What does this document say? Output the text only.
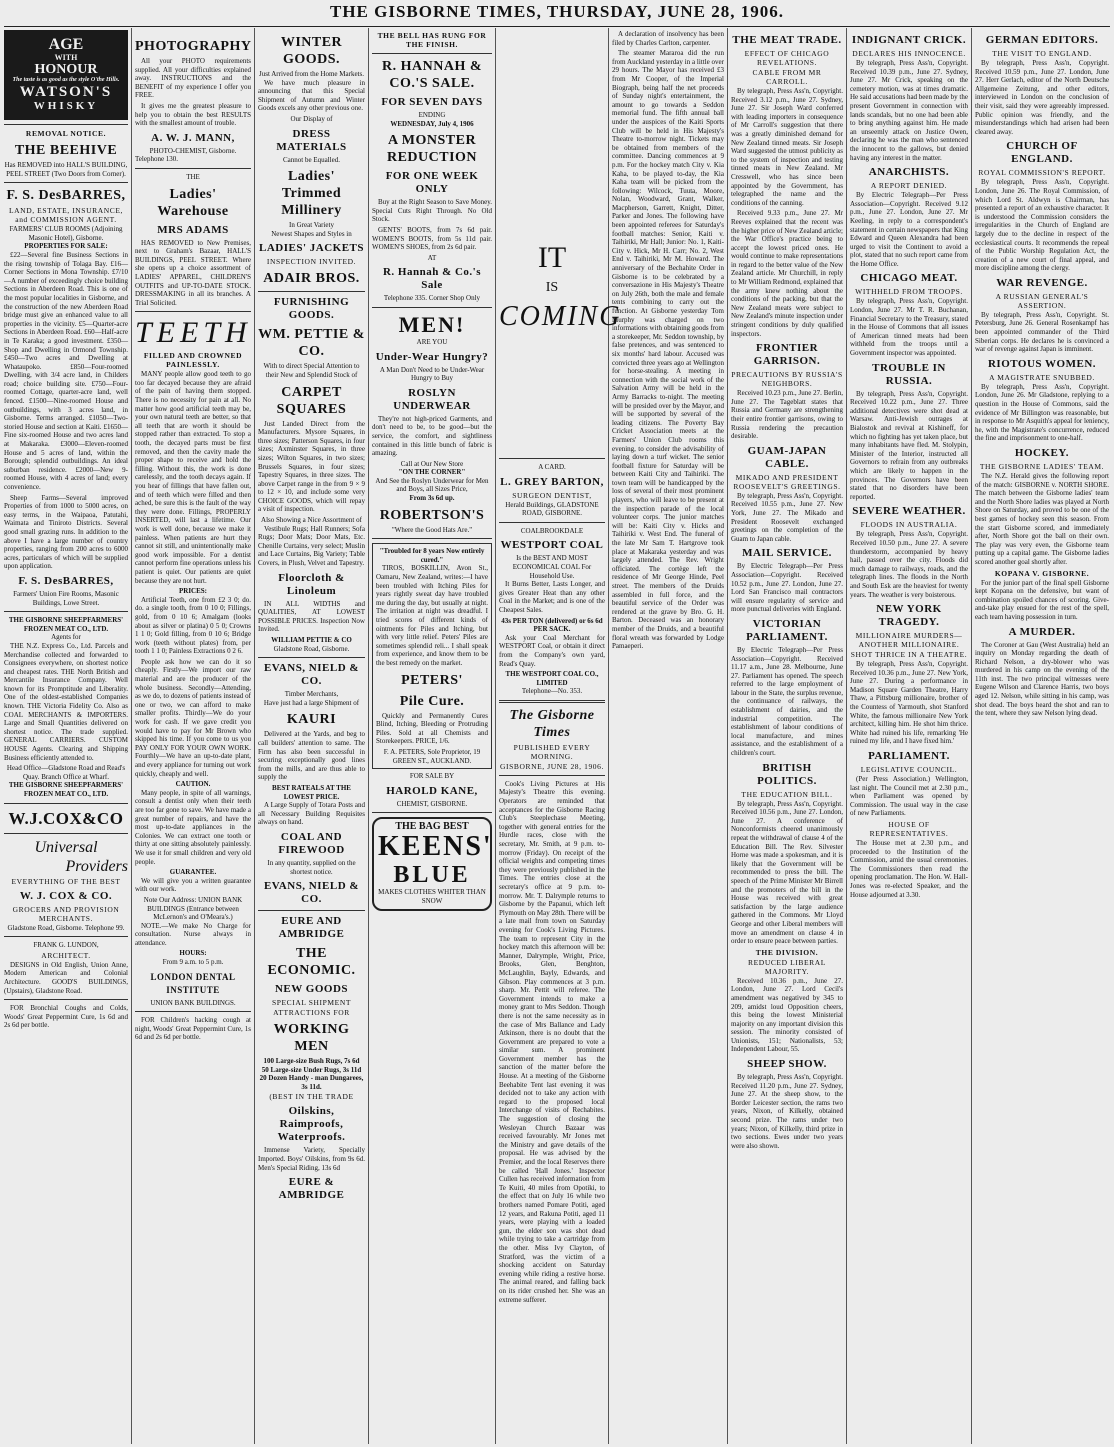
THE GISBORNE TIMES, THURSDAY, JUNE 28, 1906.
AGE
WITH
HONOUR
The taste is as good as the style O'the Hills.
WATSON'S
WHISKY
REMOVAL NOTICE.
THE BEEHIVE
Has REMOVED into HALL'S BUILDING, PEEL STREET (Two Doors from Corner).
F. S. DesBARRES,
LAND, ESTATE, INSURANCE, and COMMISSION AGENT.
FARMERS' CLUB ROOMS (Adjoining Masonic Hotel), Gisborne.
PROPERTIES FOR SALE:

£22—Several fine Business Sections in the rising township of Tolaga Bay. £16—Corner Sections in Mona Township. £7/10—A number of exceedingly choice building Sections in Aberdeen Road. This is one of the most popular localities in Gisborne, and the construction of the new Aberdeen Road bridge must give an enhanced value to all properties in the vicinity. £5—Quarter-acre Sections in Aberdeen Road. £60—Half-acre in Te Karaka; a good investment. £350—Shop and Dwelling in Ormond Township. £450—Two acres and Dwelling at Whataupoko. £850—Four-roomed Dwelling, with 3/4 acre land, in Childers road; choice building site. £750—Four-roomed Cottage, quarter-acre land, well fenced. £1500—Nine-roomed House and outbuildings, with 3 acres land, in Gisborne. Terms arranged. £1050—Two-storied House and section at Kaiti. £1650—Fine six-roomed House and two acres land at Makaraka. £3000—Eleven-roomed House and 5 acres of land, within the Borough; splendid outbuildings. An ideal suburban residence. £2000—New 9-roomed House, with 4 acres of land; every convenience.

Sheep Farms—Several improved Properties of from 1000 to 5000 acres, on easy terms, in the Waipaoa, Patutahi, Waimata and Tiniroto Districts. Several good small grazing runs. In addition to the above I have a large number of country properties, ranging from 200 acres to 6000 acres, particulars of which will be supplied upon application.

F. S. DesBARRES,
Farmers' Union Fire Rooms, Masonic Buildings, Lowe Street.
THE GISBORNE SHEEPFARMERS' FROZEN MEAT CO., LTD.
Agents for

THE N.Z. Express Co., Ltd. Parcels and Merchandise collected and forwarded to Consignees everywhere, on shortest notice and cheapest rates. THE North British and Mercantile Insurance Company. Well known for its Promptitude and Liberality. One of the oldest-established Companies known. THE Victoria Fidelity Co. Also as COAL MERCHANTS & IMPORTERS. Large and Small Quantities delivered on shortest notice. The trade supplied. GENERAL CARRIERS. CUSTOM HOUSE Agents. Clearing and Shipping Business efficiently attended to.

Head Office—Gladstone Road and Read's Quay. Branch Office at Wharf.
THE GISBORNE SHEEPFARMERS' FROZEN MEAT CO., LTD.
W.J.COX&CO
Universal
Providers
EVERYTHING OF THE BEST
W. J. COX & CO.
GROCERS AND PROVISION MERCHANTS.
Gladstone Road, Gisborne. Telephone 99.
FRANK G. LUNDON,
ARCHITECT.

DESIGNS in Old English, Union Anne, Modern American and Colonial Architecture. GOOD'S BUILDINGS, (Upstairs), Gladstone Road.

FOR Bronchial Coughs and Colds, Woods' Great Peppermint Cure, 1s 6d and 2s 6d per bottle.

PHOTOGRAPHY

All your PHOTO requirements supplied. All your difficulties explained away. INSTRUCTIONS and the BENEFIT of my experience I offer you FREE.

It gives me the greatest pleasure to help you to obtain the best RESULTS with the smallest amount of trouble.

A. W. J. MANN,
PHOTO-CHEMIST, Gisborne.
Telephone 130.
THE
Ladies' Warehouse
MRS ADAMS

HAS REMOVED to New Premises, next to Graham's Bazaar, HALL'S BUILDINGS, PEEL STREET. Where she opens up a choice assortment of LADIES' APPAREL, CHILDREN'S OUTFITS and UP-TO-DATE STOCK. DRESSMAKING in all its branches. A Trial Solicited.

TEETH
FILLED AND CROWNED PAINLESSLY.

MANY people allow good teeth to go too far decayed because they are afraid of the pain of having them stopped. There is no necessity for pain at all. No matter how good artificial teeth may be, your own natural teeth are better, so that all teeth that are worth it should be stopped rather than extracted. To stop a tooth, the decayed parts must be first removed, and then the cavity made the proper shape to receive and hold the filling. Without this, the work is done carelessly, and the tooth decays again. If you hear of fillings that have fallen out, and of teeth which were filled and then ached, be sure this is the fault of the way they were done. Fillings, PROPERLY INSERTED, will last a lifetime. Our work is well done, because we make it painless. When patients are hurt they cannot sit still, and unintentionally make good work impossible. For a dentist cannot perform fine operations unless his patient is quiet. Our patients are quiet because they are not hurt.

PRICES:

Artificial Teeth, one from £2 3 0; do. do. a single tooth, from 0 10 0; Fillings, gold, from 0 10 6; Amalgam (looks about as silver or platina) 0 5 0; Crowns 1 1 0; Gold filling, from 0 10 6; Bridge work (teeth without plates) from, per tooth 1 1 0; Painless Extractions 0 2 6.

People ask how we can do it so cheaply. Firstly—We import our raw material and are the producer of the whole business. Secondly—Attending, as we do, to dozens of patients instead of one or two, we can afford to make smaller profits. Thirdly—We do your work for cash. If we gave credit you would have to pay for Mr Brown who skipped his time. If you come to us you PAY ONLY FOR YOUR OWN WORK. Fourthly—We have an up-to-date plant, and every appliance for turning out work quickly, cheaply and well.

CAUTION.

Many people, in spite of all warnings, consult a dentist only when their teeth are too far gone to save. We have made a great number of repairs, and have the most up-to-date appliances in the Colonies. We can extract one tooth or thirty at one sitting absolutely painlessly. We use it for small children and very old people.

GUARANTEE.

We will give you a written guarantee with our work.

Note Our Address: UNION BANK BUILDINGS (Entrance between McLernon's and O'Meara's.)

NOTE.—We make No Charge for consultation. Nurse always in attendance.

HOURS:
From 9 a.m. to 5 p.m.
LONDON DENTAL INSTITUTE
UNION BANK BUILDINGS.

FOR Children's hacking cough at night, Woods' Great Peppermint Cure, 1s 6d and 2s 6d per bottle.

WINTER GOODS.
Just Arrived from the Home Markets.

We have much pleasure in announcing that this Special Shipment of Autumn and Winter Goods excels any other previous one.

Our Display of
DRESS MATERIALS
Cannot be Equalled.
Ladies' Trimmed Millinery
In Great Variety
Newest Shapes and Styles in
LADIES' JACKETS
INSPECTION INVITED.
ADAIR BROS.
FURNISHING GOODS.
WM. PETTIE & CO.
With to direct Special Attention to their New and Splendid Stock of
CARPET SQUARES

Just Landed Direct from the Manufacturers. Mysore Squares, in three sizes; Patterson Squares, in four sizes; Axminster Squares, in three sizes; Wilton Squares, in two sizes; Brussels Squares, in four sizes; Tapestry Squares, in three sizes. The above Carpet range in the from 9 × 9 to 12 × 10, and include some very CHOICE GOODS, which will repay a visit of inspection.

Also Showing a Nice Assortment of

Vestibule Rugs; Hall Runners; Sofa Rugs; Door Mats; Door Mats, Etc. Chenille Curtains, very select; Muslin and Lace Curtains, Big Variety; Table Covers, in Plush, Velvet and Tapestry.

Floorcloth & Linoleum

IN ALL WIDTHS and QUALITIES, AT LOWEST POSSIBLE PRICES. Inspection Now Invited.

WILLIAM PETTIE & CO
Gladstone Road, Gisborne.
EVANS, NIELD & CO.
Timber Merchants,
Have just had a large Shipment of
KAURI

Delivered at the Yards, and beg to call builders' attention to same. The Firm has also been successful in securing exceptionally good lines from the mills, and are thus able to supply the

BEST RATEALS AT THE LOWEST PRICE.

A Large Supply of Totara Posts and all Necessary Building Requisites always on hand.

COAL AND FIREWOOD
In any quantity, supplied on the shortest notice.
EVANS, NIELD & CO.
EURE AND AMBRIDGE
THE ECONOMIC.
NEW GOODS
SPECIAL SHIPMENT
ATTRACTIONS FOR
WORKING MEN
100 Large-size Bush Rugs, 7s 6d
50 Large-size Under Rugs, 3s 11d
20 Dozen Handy - man Dungarees, 3s 11d.
(BEST IN THE TRADE
Oilskins, Raimproofs, Waterproofs.

Immense Variety, Specially Imported. Boys' Oilskins, from 9s 6d. Men's Special Riding, 13s 6d

EURE & AMBRIDGE
THE BELL HAS RUNG FOR THE FINISH.
R. HANNAH & CO.'S SALE.
FOR SEVEN DAYS
ENDING
WEDNESDAY, July 4, 1906
A MONSTER REDUCTION
FOR ONE WEEK ONLY

Buy at the Right Season to Save Money. Special Cuts Right Through. No Old Stock.

GENTS' BOOTS, from 7s 6d pair. WOMEN'S BOOTS, from 5s 11d pair. WOMEN'S SHOES, from 2s 6d pair.

AT
R. Hannah & Co.'s Sale
Telephone 335. Corner Shop Only
MEN!
ARE YOU
Under-Wear Hungry?
A Man Don't Need to be Under-Wear Hungry to Buy
ROSLYN UNDERWEAR

They're not high-priced Garments, and don't need to be, to be good—but the service, the comfort, and sightliness contained in this little bunch of fabric is amazing.

Call at Our New Store
"ON THE CORNER"
And See the Roslyn Underwear for Men and Boys, all Sizes Price,
From 3s 6d up.
ROBERTSON'S
"Where the Good Hats Are."
"Troubled for 8 years Now entirely cured."

TIROS, BOSKILLIN, Avon St., Oamaru, New Zealand, writes:—I have been troubled with Itching Piles for years rightly sweat day have troubled me during the day, but usually at night. The irritation at night was dreadful. I tried scores of different kinds of ointments for Piles and Itching, but with very little relief. Peters' Piles are sometimes splendid reli... I shall speak from experience, and know them to be the best remedy on the market.

PETERS'
Pile Cure.

Quickly and Permanently Cures Blind, Itching, Bleeding or Protruding Piles. Sold at all Chemists and Storekeepers. PRICE, 1/6.

F. A. PETERS, Sole Proprietor, 19 GREEN ST., AUCKLAND.
FOR SALE BY
HAROLD KANE,
CHEMIST, GISBORNE.
THE BAG BEST
KEENS'
BLUE
MAKES CLOTHES WHITER THAN SNOW
IT
IS
COMING
A CARD.
L. GREY BARTON,
SURGEON DENTIST,
Herald Buildings, GLADSTONE ROAD, GISBORNE.
COALBROOKDALE
WESTPORT COAL
Is the BEST AND MOST ECONOMICAL COAL For Household Use.

It Burns Better, Lasts Longer, and gives Greater Heat than any other Coal in the Market; and is one of the Cheapest Sales.

43s PER TON (delivered) or 6s 6d PER SACK.

Ask your Coal Merchant for WESTPORT Coal, or obtain it direct from the Company's own yard, Read's Quay.

THE WESTPORT COAL CO., LIMITED
Telephone—No. 353.
The Gisborne Times
PUBLISHED EVERY MORNING.
GISBORNE, JUNE 28, 1906.

Cook's Living Pictures at His Majesty's Theatre this evening. Operators are reminded that acceptances for the Gisborne Racing Club's Steeplechase Meeting, together with general entries for the Hurdle races, close with the secretary, Mr. Smith, at 9 p.m. to-morrow (Friday). On receipt of the official weights and competing times they were previously published in the Times. The entries close at the secretary's office at 9 p.m. to-morrow. Mr. T. Dalrymple returns to Gisborne by the Papanui, which left Plymouth on May 28th. There will be a late mail from town on Saturday evening for Cook's Living Pictures. The team to represent City in the hockey match this afternoon will be: Manner, Dalrymple, Wright, Price, Brooks, Glen, Benghton, McLaughlin, Bayly, Edwards, and Gibson. Play commences at 3 p.m. sharp. Mr. Pettit will referee. The Government intends to make a money grant to Mrs Seddon. Though there is not the same necessity as in the case of Mrs Ballance and Lady Atkinson, there is no doubt that the Government are prepared to vote a similar sum. A prominent Government member has the sanction of the matter before the House. At a meeting of the Gisborne Beehabite Tent last evening it was decided not to take any action with regard to the proposed local Interchange of visits of Rechabites. The suggestion of closing the Wesleyan Church Bazaar was received favourably. Mr Jones met the Ministry and gave details of the proposal. He was advised by the Premier, and the local Reserves there be called 'Hall Jones.' Inspector Cullen has received information from Te Kuiti, 40 miles from Opotiki, to the effect that on July 16 while two brothers named Pomare Potiti, aged 12 years, and Rakuna Potiti, aged 11 years, were playing with a loaded gun, the elder son was shot dead while trying to take a cartridge from the other. Miss Ivy Clayton, of Stratford, was the victim of a shocking accident on Saturday evening while riding a restive horse. The animal reared, and falling back on its rider crushed her. She was an extreme sufferer.

A declaration of insolvency has been filed by Charles Carlton, carpenter.

The steamer Mararoa did the run from Auckland yesterday in a little over 29 hours. The Mayor has received £3 from Mr Cooper, of the Imperial Biograph, being half the net proceeds of Sunday night's entertainment, the amount to go towards a Seddon memorial fund. The fifth annual ball under the auspices of the Kaiti Sports Club will be held in His Majesty's Theatre to-morrow night. Tickets may be obtained from members of the committee. Dancing commences at 9 p.m. For the hockey match City v. Kia Kaha, to be played to-day, the Kia Kaha team will be picked from the following: Wilcock, Tuuta, Moore, Nolan, Woodward, Grant, Walker, Macpherson, Garrett, Knight, Ditter, Parker and Jones. The following have been appointed referees for Saturday's football matches: Senior, Kaiti v. Taihiriki, Mr Hall; Junior: No. 1, Kaiti-City v. Hick, Mr H. Carr; No. 2, West End v. Taihiriki, Mr M. Howard. The anniversary of the Bechahite Order in Gisborne is to be celebrated by a conversazione in His Majesty's Theatre on July 26th, both the male and female tents combining to carry out the function. At Gisborne yesterday Tom Murphy was charged on two informations with obtaining goods from a storekeeper, Mr. Seddon township, by false pretences, and was sentenced to six months' hard labour. Accused was convicted three years ago at Wellington for horse-stealing. A meeting in connection with the social work of the Salvation Army will be held in the Army Barracks to-night. The meeting will be presided over by the Mayor, and will be supported by several of the leading citizens. The Poverty Bay Cricket Association meets at the Farmers' Union Club rooms this evening, to consider the advisability of laying down a turf wicket. The senior football fixture for Saturday will be between Kaiti City and Taihiriki. The town team will be handicapped by the loss of several of their most prominent players, who will leave to be present at the inspection parade of the local volunteer corps. The junior matches will be: Kaiti City v. Hicks and Taihiriki v. West End. The funeral of the late Mr Sam T. Hartgrove took place at Makaraka yesterday and was largely attended. The Rev. Wright officiated. The cortège left the residence of Mr George Hinde, Peel street. The members of the Druids assembled in full force, and the beautiful service of the Order was rendered at the grave by Bro. G. H. Barton. Deceased was an honorary member of the Druids, and a beautiful floral wreath was forwarded by Lodge Pamaeperi.

THE MEAT TRADE.
EFFECT OF CHICAGO REVELATIONS.
CABLE FROM MR CARROLL.

By telegraph, Press Ass'n, Copyright. Received 3.12 p.m., June 27. Sydney, June 27. Sir Joseph Ward conferred with leading importers in consequence of Mr Carroll's suggestion that there was a greatly diminished demand for New Zealand tinned meats. Sir Joseph Ward suggested the utmost publicity as to the system of inspection and testing tinned meats in New Zealand. Mr Cresswell, who has since been appointed by the Government, has telegraphed the name and the conditions of the canning.

Received 9.33 p.m., June 27. Mr Reeves explained that the recent was the higher price of New Zealand article; the War Office's practice being to accept the lowest priced ones. He would continue to make representations in regard to the better value of the New Zealand article. Mr Churchill, in reply to Mr William Redmond, explained that the army knew nothing about the conditions of the packing, but that the New Zealand meats were subject to New Zealand's minute inspection under stringent conditions by duly qualified inspectors.

FRONTIER GARRISON.
PRECAUTIONS BY RUSSIA'S NEIGHBORS.

Received 10.23 p.m., June 27. Berlin, June 27. The Tageblatt states that Russia and Germany are strengthening their entire frontier garrisons, owing to Russia rendering the precaution desirable.

GUAM-JAPAN CABLE.
MIKADO AND PRESIDENT ROOSEVELT'S GREETINGS.

By telegraph, Press Ass'n, Copyright. Received 10.55 p.m., June 27. New York, June 27. The Mikado and President Roosevelt exchanged greetings on the completion of the Guam to Japan cable.

MAIL SERVICE.

By Electric Telegraph—Per Press Association—Copyright. Received 10.52 p.m., June 27. London, June 27. Lord San Francisco mail contractors will ensure regularity of service and more punctual deliveries with England.

VICTORIAN PARLIAMENT.

By Electric Telegraph—Per Press Association—Copyright. Received 11.17 a.m., June 28. Melbourne, June 27. Parliament has opened. The speech referred to the large employment of labour in the State, the surplus revenue, the continuance of railways, the establishment of dairies, and the industrial competition. The establishment of labour conditions of local manufacture, and mines assistance, and the establishment of a children's court.

BRITISH POLITICS.
THE EDUCATION BILL.

By telegraph, Press Ass'n, Copyright. Received 10.56 p.m., June 27. London, June 27. A conference of Nonconformists cheered unanimously repeat the withdrawal of clause 4 of the Education Bill. The Rev. Silvester Horne was made a spokesman, and it is likely that the Government will be recommended to press the bill. The speech of the Prime Minister Mr Birrell and the promoters of the bill in the House was received with great satisfaction by the large audience gathered in the Commons. Mr Lloyd George and other Liberal members will move an amendment on clause 4 in order to ensure peace between parties.

THE DIVISION.
REDUCED LIBERAL MAJORITY.

Received 10.36 p.m., June 27. London, June 27. Lord Cecil's amendment was negatived by 345 to 209, amidst loud Opposition cheers, this being the lowest Ministerial majority on any important division this session. The minority consisted of Unionists, 151; Nationalists, 53; Independent Labour, 55.

SHEEP SHOW.

By telegraph, Press Ass'n, Copyright. Received 11.20 p.m., June 27. Sydney, June 27. At the sheep show, to the Border Leicester section, the rams two years, Nixon, of Kilkelly, obtained second prize. The rams under two years; Nixon, of Kilkelly, third prize in two sections. Ewes under two years were also shown.

INDIGNANT CRICK.
DECLARES HIS INNOCENCE.

By telegraph, Press Ass'n, Copyright. Received 10.39 p.m., June 27. Sydney, June 27. Mr Crick, speaking on the cemetery motion, was at times dramatic. He said accusations had been made by the present Government in connection with lands scandals, but no one had been able to bring anything against him. He made an unseemly attack on Justice Owen, declaring he was the man who sentenced the innocent to the gallows, but denied having any interest in the matter.

ANARCHISTS.
A REPORT DENIED.

By Electric Telegraph—Per Press Association—Copyright. Received 9.12 p.m., June 27. London, June 27. Mr Keeling, in reply to a correspondent's statement in certain newspapers that King Edward and Queen Alexandra had been urged to visit the Continent to avoid a plot, stated that no such report came from the Home Office.

CHICAGO MEAT.
WITHHELD FROM TROOPS.

By telegraph, Press Ass'n, Copyright. London, June 27. Mr T. R. Buchanan, Financial Secretary to the Treasury, stated in the House of Commons that all issues of American tinned meats had been withheld from the troops until a Government inspector was appointed.

TROUBLE IN RUSSIA.

By telegraph, Press Ass'n, Copyright. Received 10.22 p.m., June 27. Three additional detectives were shot dead at Warsaw. Anti-Jewish outrages at Bialostok and revival at Kishineff, for which no fighting has yet taken place, but many inhabitants have fled. M. Stolypin, Minister of the Interior, instructed all Governors to refrain from any outbreaks which are likely to happen in the provinces. The Governors have been stated that no disorders have been reported.

SEVERE WEATHER.
FLOODS IN AUSTRALIA.

By telegraph, Press Ass'n, Copyright. Received 10.50 p.m., June 27. A severe thunderstorm, accompanied by heavy hail, passed over the city. Floods did much damage to railways, roads, and the telegraph lines. The floods in the North and South Esk are the heaviest for twenty years. The weather is very boisterous.

NEW YORK TRAGEDY.
MILLIONAIRE MURDERS—ANOTHER MILLIONAIRE.
SHOT THRICE IN A THEATRE.

By telegraph, Press Ass'n, Copyright. Received 10.36 p.m., June 27. New York, June 27. During a performance in Madison Square Garden Theatre, Harry Thaw, a Pittsburg millionaire, brother of the Countess of Yarmouth, shot Stanford White, the famous millionaire New York architect, killing him. He shot him thrice. White had ruined his life, remarking 'He ruined my life, and I have fixed him.'

PARLIAMENT.
LEGISLATIVE COUNCIL.

(Per Press Association.) Wellington, last night. The Council met at 2.30 p.m., when Parliament was opened by Commission. The usual way in the case of new Parliaments.

HOUSE OF REPRESENTATIVES.

The House met at 2.30 p.m., and proceeded to the Institution of the Commission, amid the usual ceremonies. The Commissioners then read the opening proclamation. The Hon. W. Hall-Jones was re-elected Speaker, and the House adjourned at 3.30.

GERMAN EDITORS.
THE VISIT TO ENGLAND.

By telegraph, Press Ass'n, Copyright. Received 10.59 p.m., June 27. London, June 27. Herr Gerlach, editor of the North Deutsche Allgemeine Zeitung, and other editors, interviewed in London on the conclusion of their visit, said they were agreeably impressed. Public opinion was friendly, and the misunderstandings which had arisen had been cleared away.

CHURCH OF ENGLAND.
ROYAL COMMISSION'S REPORT.

By telegraph, Press Ass'n, Copyright. London, June 26. The Royal Commission, of which Lord St. Aldwyn is Chairman, has presented a report of an exhaustive character. It is understood the Commission considers the irregularities in the Church of England are largely due to the decline in respect of the ecclesiastical courts. It recommends the repeal of the Public Worship Regulation Act, the creation of a new court of final appeal, and more discipline among the clergy.

WAR REVENGE.
A RUSSIAN GENERAL'S ASSERTION.

By telegraph, Press Ass'n, Copyright. St. Petersburg, June 26. General Rosenkampf has been appointed commander of the Third Siberian corps. He declares he is convinced a war of revenge against Japan is imminent.

RIOTOUS WOMEN.
A MAGISTRATE SNUBBED.

By telegraph, Press Ass'n, Copyright. London, June 26. Mr Gladstone, replying to a question in the House of Commons, said the evidence of Mr Billington was reasonable, but in response to Mr Asquith's appeal for leniency, he, with the Magistrate's concurrence, reduced the fine and imprisonment to one-half.

HOCKEY.
THE GISBORNE LADIES' TEAM.

The N.Z. Herald gives the following report of the match: GISBORNE v. NORTH SHORE. The match between the Gisborne ladies' team and the North Shore ladies was played at North Shore on Saturday, and proved to be one of the best games of hockey seen this season. From the start Gisborne scored, and immediately after, North Shore got the ball on their own. The play was very even, the Gisborne team putting up a capital game. The Gisborne ladies scored another goal shortly after.

KOPANA V. GISBORNE.

For the junior part of the final spell Gisborne kept Kopana on the defensive, but want of combination spoiled chances of scoring. Give-and-take play ensued for the rest of the spell, each team having possession in turn.

A MURDER.

The Coroner at Gau (West Australia) held an inquiry on Monday regarding the death of Richard Nelson, a dry-blower who was murdered in his camp on the evening of the 11th inst. The two principal witnesses were Eugene Wilson and Clarence Harris, two boys aged 12. Nelson, while sitting in his camp, was shot dead. The boys heard the shot and ran to the tent, where they saw Nelson lying dead.
